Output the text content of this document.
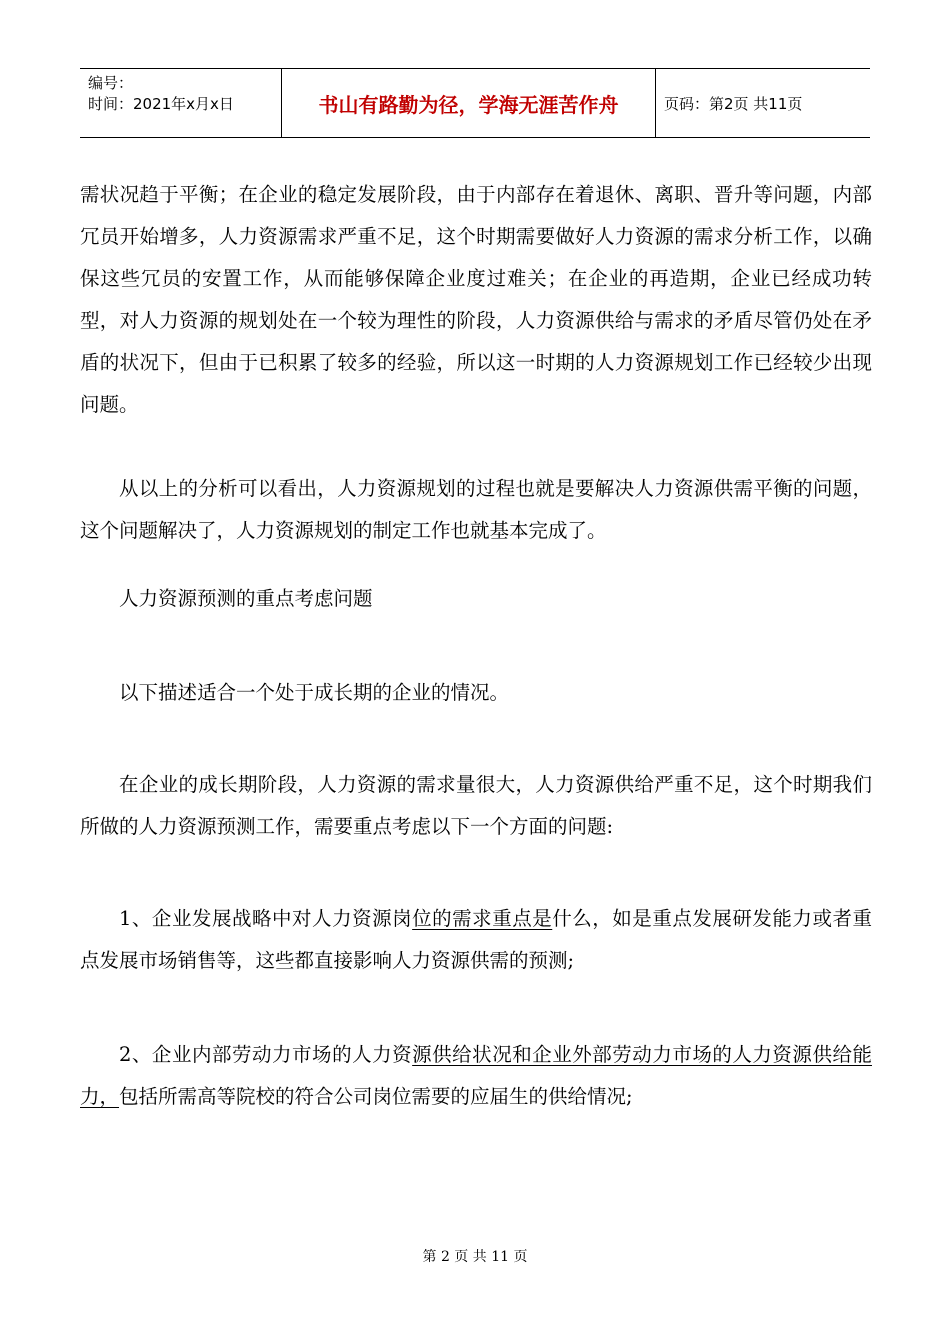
编号：
时间：2021年x月x日	书山有路勤为径，学海无涯苦作舟	页码：第2页 共11页

需状况趋于平衡；在企业的稳定发展阶段，由于内部存在着退休、离职、晋升等问题，内部冗员开始增多，人力资源需求严重不足，这个时期需要做好人力资源的需求分析工作，以确保这些冗员的安置工作，从而能够保障企业度过难关；在企业的再造期，企业已经成功转型，对人力资源的规划处在一个较为理性的阶段，人力资源供给与需求的矛盾尽管仍处在矛盾的状况下，但由于已积累了较多的经验，所以这一时期的人力资源规划工作已经较少出现问题。

从以上的分析可以看出，人力资源规划的过程也就是要解决人力资源供需平衡的问题，这个问题解决了，人力资源规划的制定工作也就基本完成了。

人力资源预测的重点考虑问题

以下描述适合一个处于成长期的企业的情况。

在企业的成长期阶段，人力资源的需求量很大，人力资源供给严重不足，这个时期我们所做的人力资源预测工作，需要重点考虑以下一个方面的问题:

1、企业发展战略中对人力资源岗位的需求重点是什么，如是重点发展研发能力或者重点发展市场销售等，这些都直接影响人力资源供需的预测;

2、企业内部劳动力市场的人力资源供给状况和企业外部劳动力市场的人力资源供给能力，包括所需高等院校的符合公司岗位需要的应届生的供给情况;

第 2 页 共 11 页
